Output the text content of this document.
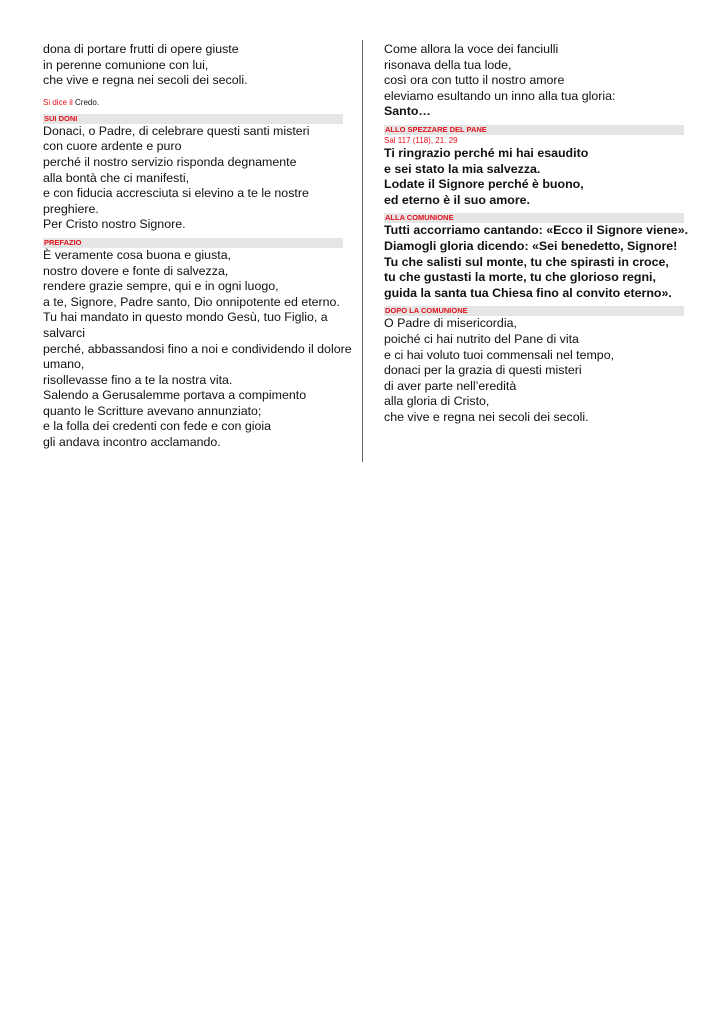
dona di portare frutti di opere giuste
in perenne comunione con lui,
che vive e regna nei secoli dei secoli.
Si dice il Credo.
SUI DONI
Donaci, o Padre, di celebrare questi santi misteri
con cuore ardente e puro
perché il nostro servizio risponda degnamente
alla bontà che ci manifesti,
e con fiducia accresciuta si elevino a te le nostre
preghiere.
Per Cristo nostro Signore.
PREFAZIO
È veramente cosa buona e giusta,
nostro dovere e fonte di salvezza,
rendere grazie sempre, qui e in ogni luogo,
a te, Signore, Padre santo, Dio onnipotente ed eterno.
Tu hai mandato in questo mondo Gesù, tuo Figlio, a
salvarci
perché, abbassandosi fino a noi e condividendo il dolore
umano,
risollevasse fino a te la nostra vita.
Salendo a Gerusalemme portava a compimento
quanto le Scritture avevano annunziato;
e la folla dei credenti con fede e con gioia
gli andava incontro acclamando.
Come allora la voce dei fanciulli
risonava della tua lode,
così ora con tutto il nostro amore
eleviamo esultando un inno alla tua gloria:
Santo…
ALLO SPEZZARE DEL PANE
Sal 117 (118), 21. 29
Ti ringrazio perché mi hai esaudito
e sei stato la mia salvezza.
Lodate il Signore perché è buono,
ed eterno è il suo amore.
ALLA COMUNIONE
Tutti accorriamo cantando: «Ecco il Signore viene».
Diamogli gloria dicendo: «Sei benedetto, Signore!
Tu che salisti sul monte, tu che spirasti in croce,
tu che gustasti la morte, tu che glorioso regni,
guida la santa tua Chiesa fino al convito eterno».
DOPO LA COMUNIONE
O Padre di misericordia,
poiché ci hai nutrito del Pane di vita
e ci hai voluto tuoi commensali nel tempo,
donaci per la grazia di questi misteri
di aver parte nell’eredità
alla gloria di Cristo,
che vive e regna nei secoli dei secoli.
